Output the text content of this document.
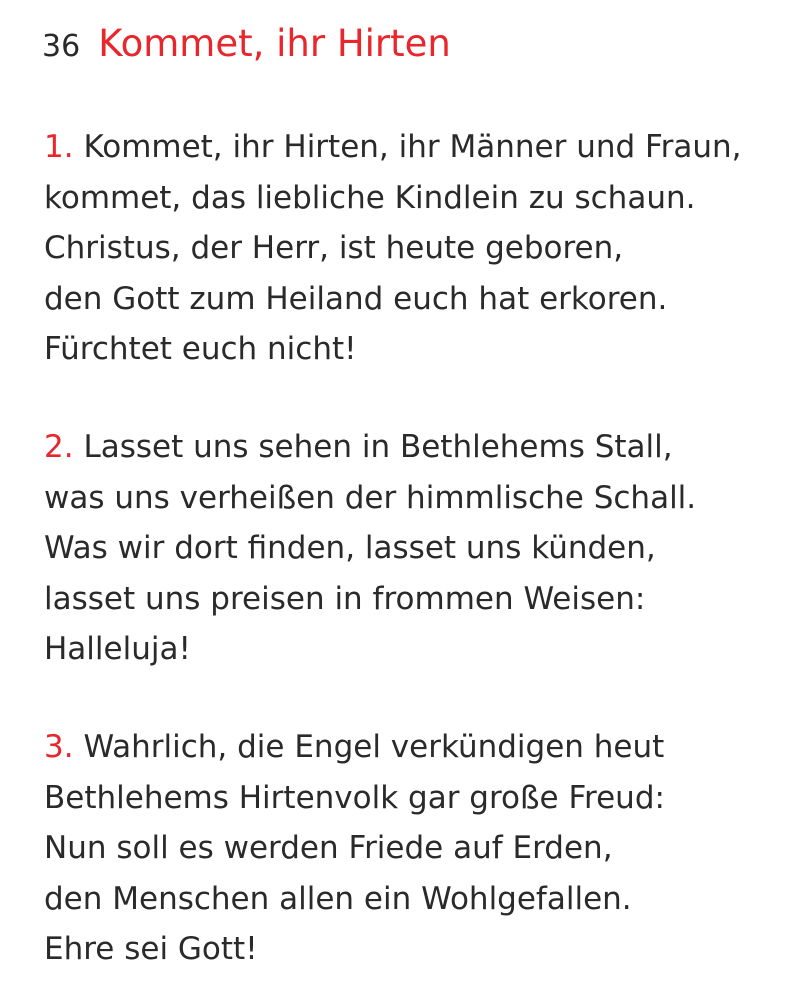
36 Kommet, ihr Hirten
1. Kommet, ihr Hirten, ihr Männer und Fraun,
kommet, das liebliche Kindlein zu schaun.
Christus, der Herr, ist heute geboren,
den Gott zum Heiland euch hat erkoren.
Fürchtet euch nicht!
2. Lasset uns sehen in Bethlehems Stall,
was uns verheißen der himmlische Schall.
Was wir dort finden, lasset uns künden,
lasset uns preisen in frommen Weisen:
Halleluja!
3. Wahrlich, die Engel verkündigen heut
Bethlehems Hirtenvolk gar große Freud:
Nun soll es werden Friede auf Erden,
den Menschen allen ein Wohlgefallen.
Ehre sei Gott!
